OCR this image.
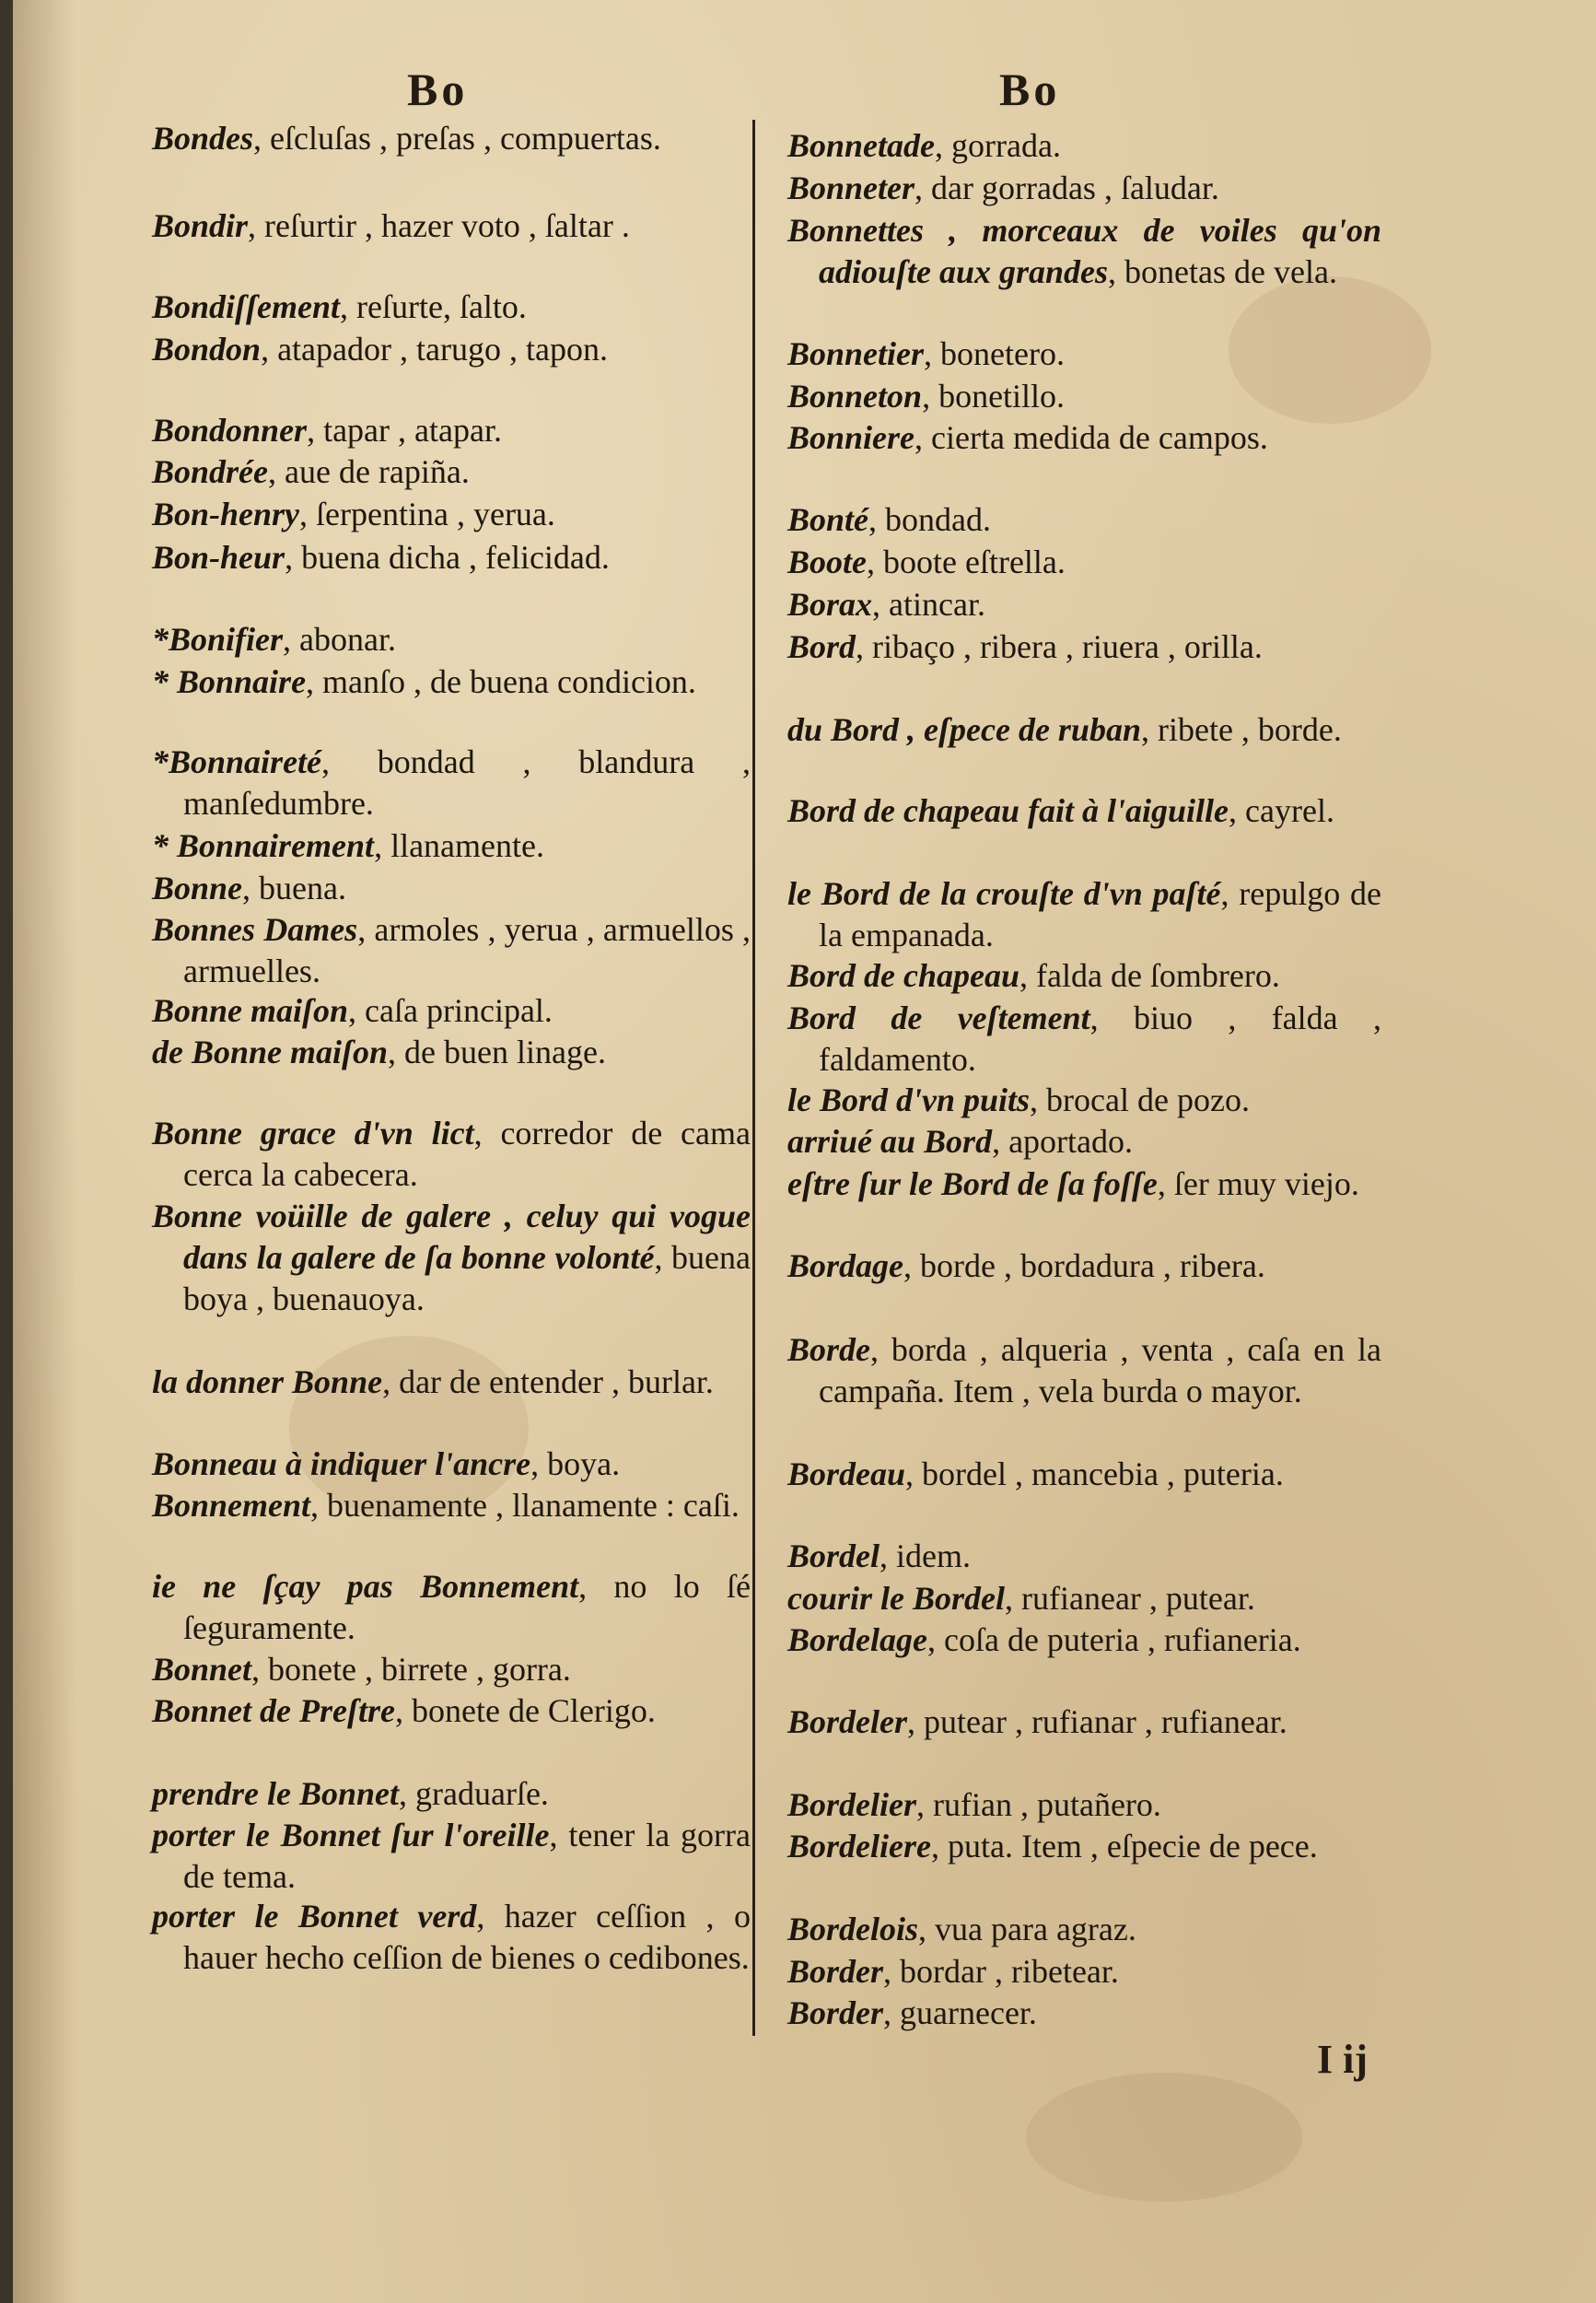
Bo	Bo
Bondes, eſcluſas , preſas , compuertas.
Bondir, reſurtir , hazer voto , ſaltar .
Bondiſſement, reſurte, ſalto.
Bondon, atapador , tarugo , tapon.
Bondonner, tapar , atapar.
Bondrée, aue de rapiña.
Bon-henry, ſerpentina , yerua.
Bon-heur, buena dicha , felicidad.
*Bonifier, abonar.
* Bonnaire, manſo , de buena condicion.
*Bonnaireté, bondad , blandura , manſedumbre.
* Bonnairement, llanamente.
Bonne, buena.
Bonnes Dames, armoles , yerua , armuellos , armuelles.
Bonne maiſon, caſa principal.
de Bonne maiſon, de buen linage.
Bonne grace d'vn lict, corredor de cama cerca la cabecera.
Bonne voüille de galere , celuy qui vogue dans la galere de ſa bonne volonté, buena boya , buenauoya.
la donner Bonne, dar de entender , burlar.
Bonneau à indiquer l'ancre, boya.
Bonnement, buenamente , llanamente : caſi.
ie ne ſçay pas Bonnement, no lo ſé ſeguramente.
Bonnet, bonete , birrete , gorra.
Bonnet de Preſtre, bonete de Clerigo.
prendre le Bonnet, graduarſe.
porter le Bonnet ſur l'oreille, tener la gorra de tema.
porter le Bonnet verd, hazer ceſſion , o hauer hecho ceſſion de bienes o cedibones.
Bonnetade, gorrada.
Bonneter, dar gorradas , ſaludar.
Bonnettes , morceaux de voiles qu'on adiouſte aux grandes, bonetas de vela.
Bonnetier, bonetero.
Bonneton, bonetillo.
Bonniere, cierta medida de campos.
Bonté, bondad.
Boote, boote eſtrella.
Borax, atincar.
Bord, ribaço , ribera , riuera , orilla.
du Bord , eſpece de ruban, ribete , borde.
Bord de chapeau fait à l'aiguille, cayrel.
le Bord de la crouſte d'vn paſté, repulgo de la empanada.
Bord de chapeau, falda de ſombrero.
Bord de veſtement, biuo , falda , faldamento.
le Bord d'vn puits, brocal de pozo.
arriué au Bord, aportado.
eſtre ſur le Bord de ſa foſſe, ſer muy viejo.
Bordage, borde , bordadura , ribera.
Borde, borda , alqueria , venta , caſa en la campaña. Item , vela burda o mayor.
Bordeau, bordel , mancebia , puteria.
Bordel, idem.
courir le Bordel, rufianear , putear.
Bordelage, coſa de puteria , rufianeria.
Bordeler, putear , rufianar , rufianear.
Bordelier, rufian , putañero.
Bordeliere, puta. Item , eſpecie de pece.
Bordelois, vua para agraz.
Border, bordar , ribetear.
Border, guarnecer.
I ij
